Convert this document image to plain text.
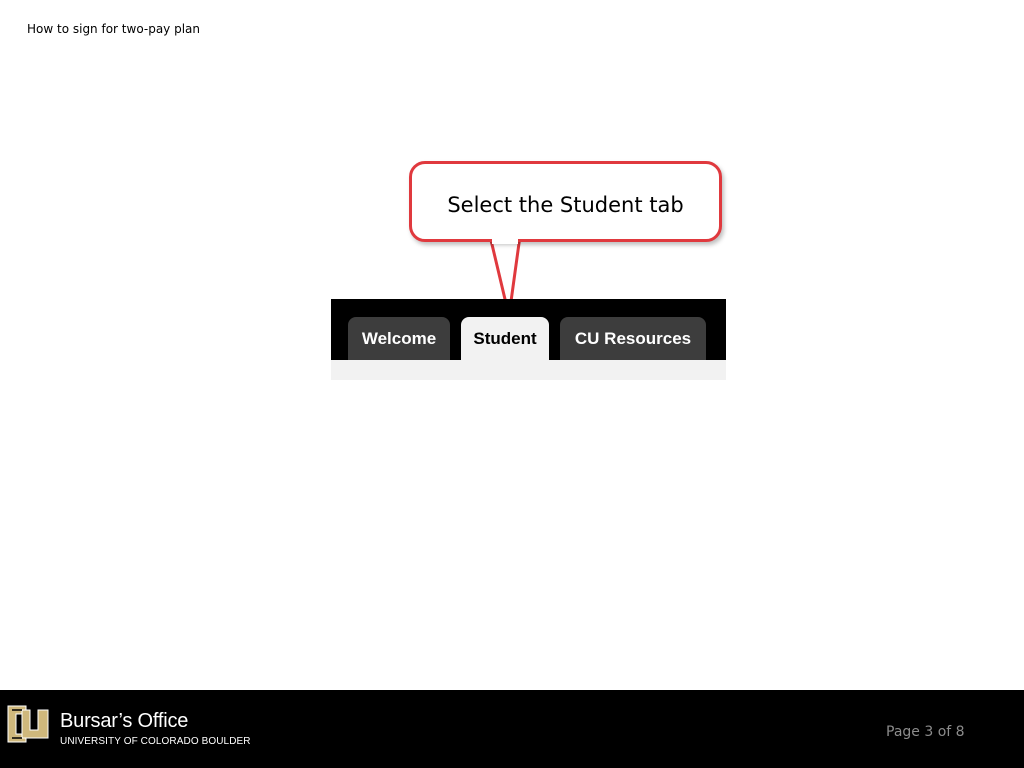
How to sign for two-pay plan
Select the Student tab
Welcome	Student	CU Resources
Bursar’s Office
UNIVERSITY OF COLORADO BOULDER
Page 3 of 8
